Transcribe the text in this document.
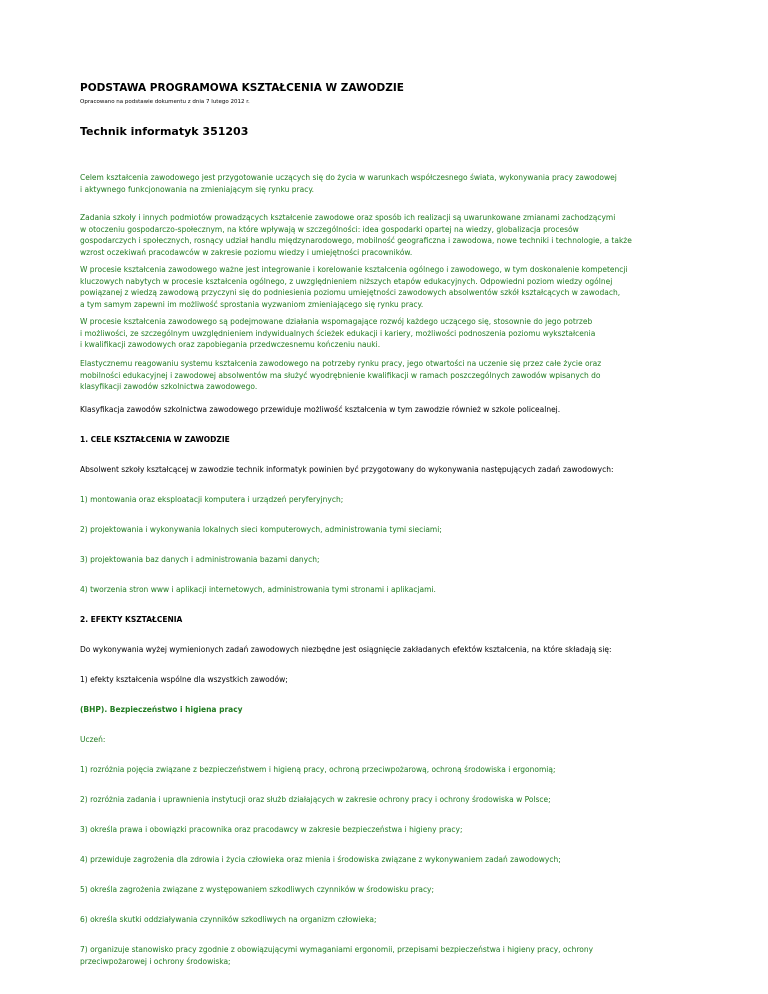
PODSTAWA PROGRAMOWA KSZTAŁCENIA W ZAWODZIE

Opracowano na podstawie dokumentu z dnia 7 lutego 2012 r.

Technik informatyk 351203

Celem kształcenia zawodowego jest przygotowanie uczących się do życia w warunkach współczesnego świata, wykonywania pracy zawodowej
i aktywnego funkcjonowania na zmieniającym się rynku pracy.

Zadania szkoły i innych podmiotów prowadzących kształcenie zawodowe oraz sposób ich realizacji są uwarunkowane zmianami zachodzącymi
w otoczeniu gospodarczo-społecznym, na które wpływają w szczególności: idea gospodarki opartej na wiedzy, globalizacja procesów
gospodarczych i społecznych, rosnący udział handlu międzynarodowego, mobilność geograficzna i zawodowa, nowe techniki i technologie, a także
wzrost oczekiwań pracodawców w zakresie poziomu wiedzy i umiejętności pracowników.

W procesie kształcenia zawodowego ważne jest integrowanie i korelowanie kształcenia ogólnego i zawodowego, w tym doskonalenie kompetencji
kluczowych nabytych w procesie kształcenia ogólnego, z uwzględnieniem niższych etapów edukacyjnych. Odpowiedni poziom wiedzy ogólnej
powiązanej z wiedzą zawodową przyczyni się do podniesienia poziomu umiejętności zawodowych absolwentów szkół kształcących w zawodach,
a tym samym zapewni im możliwość sprostania wyzwaniom zmieniającego się rynku pracy.

W procesie kształcenia zawodowego są podejmowane działania wspomagające rozwój każdego uczącego się, stosownie do jego potrzeb
i możliwości, ze szczególnym uwzględnieniem indywidualnych ścieżek edukacji i kariery, możliwości podnoszenia poziomu wykształcenia
i kwalifikacji zawodowych oraz zapobiegania przedwczesnemu kończeniu nauki.

Elastycznemu reagowaniu systemu kształcenia zawodowego na potrzeby rynku pracy, jego otwartości na uczenie się przez całe życie oraz
mobilności edukacyjnej i zawodowej absolwentów ma służyć wyodrębnienie kwalifikacji w ramach poszczególnych zawodów wpisanych do
klasyfikacji zawodów szkolnictwa zawodowego.

Klasyfikacja zawodów szkolnictwa zawodowego przewiduje możliwość kształcenia w tym zawodzie również w szkole policealnej.

1. CELE KSZTAŁCENIA W ZAWODZIE

Absolwent szkoły kształcącej w zawodzie technik informatyk powinien być przygotowany do wykonywania następujących zadań zawodowych:

1) montowania oraz eksploatacji komputera i urządzeń peryferyjnych;

2) projektowania i wykonywania lokalnych sieci komputerowych, administrowania tymi sieciami;

3) projektowania baz danych i administrowania bazami danych;

4) tworzenia stron www i aplikacji internetowych, administrowania tymi stronami i aplikacjami.

2. EFEKTY KSZTAŁCENIA

Do wykonywania wyżej wymienionych zadań zawodowych niezbędne jest osiągnięcie zakładanych efektów kształcenia, na które składają się:

1) efekty kształcenia wspólne dla wszystkich zawodów;

(BHP). Bezpieczeństwo i higiena pracy

Uczeń:

1) rozróżnia pojęcia związane z bezpieczeństwem i higieną pracy, ochroną przeciwpożarową, ochroną środowiska i ergonomią;

2) rozróżnia zadania i uprawnienia instytucji oraz służb działających w zakresie ochrony pracy i ochrony środowiska w Polsce;

3) określa prawa i obowiązki pracownika oraz pracodawcy w zakresie bezpieczeństwa i higieny pracy;

4) przewiduje zagrożenia dla zdrowia i życia człowieka oraz mienia i środowiska związane z wykonywaniem zadań zawodowych;

5) określa zagrożenia związane z występowaniem szkodliwych czynników w środowisku pracy;

6) określa skutki oddziaływania czynników szkodliwych na organizm człowieka;

7) organizuje stanowisko pracy zgodnie z obowiązującymi wymaganiami ergonomii, przepisami bezpieczeństwa i higieny pracy, ochrony
przeciwpożarowej i ochrony środowiska;
